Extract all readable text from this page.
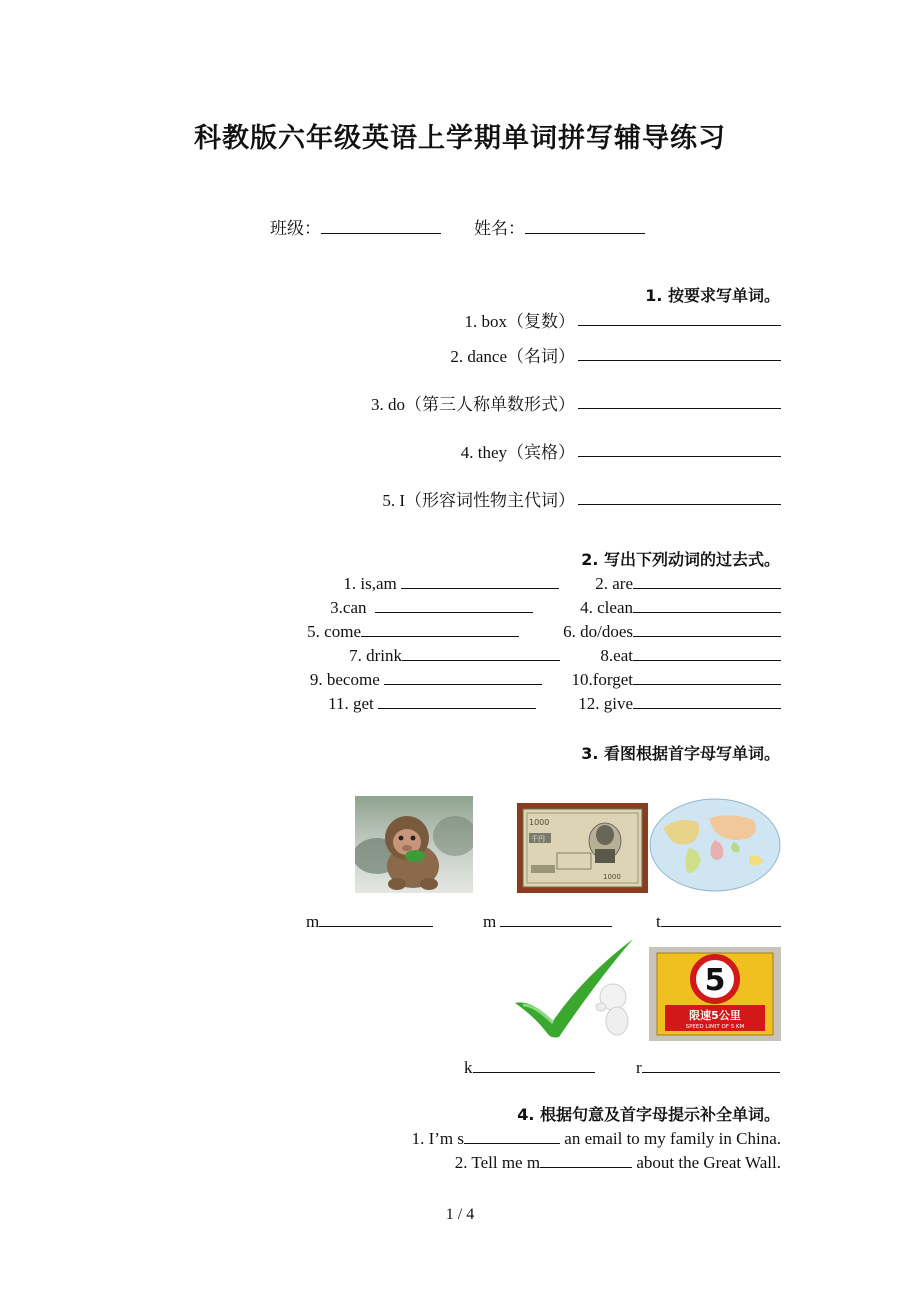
科教版六年级英语上学期单词拼写辅导练习
班级：	姓名：
1. 按要求写单词。
1. box（复数）
2. dance（名词）
3. do（第三人称单数形式）
4. they（宾格）
5. I（形容词性物主代词）
2. 写出下列动词的过去式。
1. is,am	2. are
3.can	4. clean
5. come	6. do/does
7. drink	8.eat
9. become	10.forget
11. get	12. give
3. 看图根据首字母写单词。
1000
千円
1000
m	m	t
5
限速5公里
SPEED LIMIT OF 5 KM
k	r
4. 根据句意及首字母提示补全单词。
1. I’m s	an email to my family in China.
2. Tell me m	about the Great Wall.
1 / 4
